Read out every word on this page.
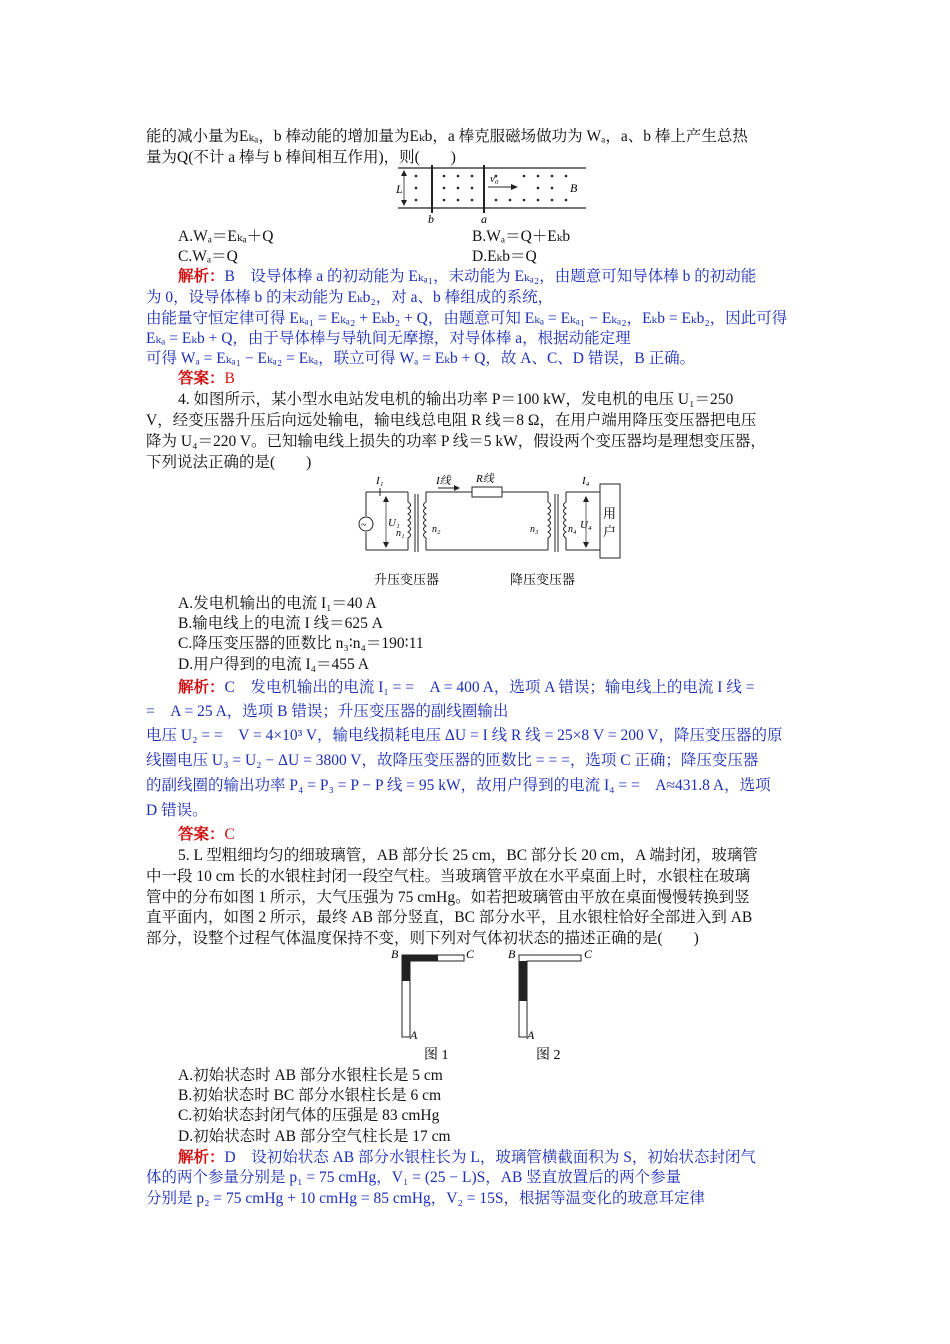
能的减小量为Eₖₐ，b 棒动能的增加量为Eₖb，a 棒克服磁场做功为 Wₐ，a、b 棒上产生总热
量为Q(不计 a 棒与 b 棒间相互作用)，则(　　)
L
v₀
B
b	a
A.Wₐ＝Eₖₐ＋Q	B.Wₐ＝Q＋Eₖb
C.Wₐ＝Q	D.Eₖb＝Q
解析：B　设导体棒 a 的初动能为 Eₖₐ₁，末动能为 Eₖₐ₂，由题意可知导体棒 b 的初动能
为 0，设导体棒 b 的末动能为 Eₖb₂，对 a、b 棒组成的系统，
由能量守恒定律可得 Eₖₐ₁ = Eₖₐ₂ + Eₖb₂ + Q，由题意可知 Eₖₐ = Eₖₐ₁ − Eₖₐ₂，Eₖb = Eₖb₂，因此可得
Eₖₐ = Eₖb + Q，由于导体棒与导轨间无摩擦，对导体棒 a，根据动能定理
可得 Wₐ = Eₖₐ₁ − Eₖₐ₂ = Eₖₐ，联立可得 Wₐ = Eₖb + Q，故 A、C、D 错误，B 正确。
答案：B
4. 如图所示，某小型水电站发电机的输出功率 P＝100 kW，发电机的电压 U₁＝250
V，经变压器升压后向远处输电，输电线总电阻 R 线＝8 Ω，在用户端用降压变压器把电压
降为 U₄＝220 V。已知输电线上损失的功率 P 线＝5 kW，假设两个变压器均是理想变压器，
下列说法正确的是(　　)
~
I₁
U₁
n₁	n₂
I线 R线
n₃	n₄
I₄
U₄
用
户
升压变压器	降压变压器
A.发电机输出的电流 I₁＝40 A
B.输电线上的电流 I 线＝625 A
C.降压变压器的匝数比 n₃∶n₄＝190∶11
D.用户得到的电流 I₄＝455 A
解析：C　发电机输出的电流 I₁ = =　A = 400 A，选项 A 错误；输电线上的电流 I 线 =
=　A = 25 A，选项 B 错误；升压变压器的副线圈输出
电压 U₂ = =　V = 4×10³ V，输电线损耗电压 ΔU = I 线 R 线 = 25×8 V = 200 V，降压变压器的原
线圈电压 U₃ = U₂ − ΔU = 3800 V，故降压变压器的匝数比 = = =，选项 C 正确；降压变压器
的副线圈的输出功率 P₄ = P₃ = P − P 线 = 95 kW，故用户得到的电流 I₄ = =　A≈431.8 A，选项
D 错误。
答案：C
5. L 型粗细均匀的细玻璃管，AB 部分长 25 cm，BC 部分长 20 cm，A 端封闭，玻璃管
中一段 10 cm 长的水银柱封闭一段空气柱。当玻璃管平放在水平桌面上时，水银柱在玻璃
管中的分布如图 1 所示，大气压强为 75 cmHg。如若把玻璃管由平放在桌面慢慢转换到竖
直平面内，如图 2 所示，最终 AB 部分竖直，BC 部分水平，且水银柱恰好全部进入到 AB
部分，设整个过程气体温度保持不变，则下列对气体初状态的描述正确的是(　　)
B	C
A
图 1
B	C
A
图 2
A.初始状态时 AB 部分水银柱长是 5 cm
B.初始状态时 BC 部分水银柱长是 6 cm
C.初始状态封闭气体的压强是 83 cmHg
D.初始状态时 AB 部分空气柱长是 17 cm
解析：D　设初始状态 AB 部分水银柱长为 L，玻璃管横截面积为 S，初始状态封闭气
体的两个参量分别是 p₁ = 75 cmHg，V₁ = (25 − L)S，AB 竖直放置后的两个参量
分别是 p₂ = 75 cmHg + 10 cmHg = 85 cmHg，V₂ = 15S，根据等温变化的玻意耳定律
